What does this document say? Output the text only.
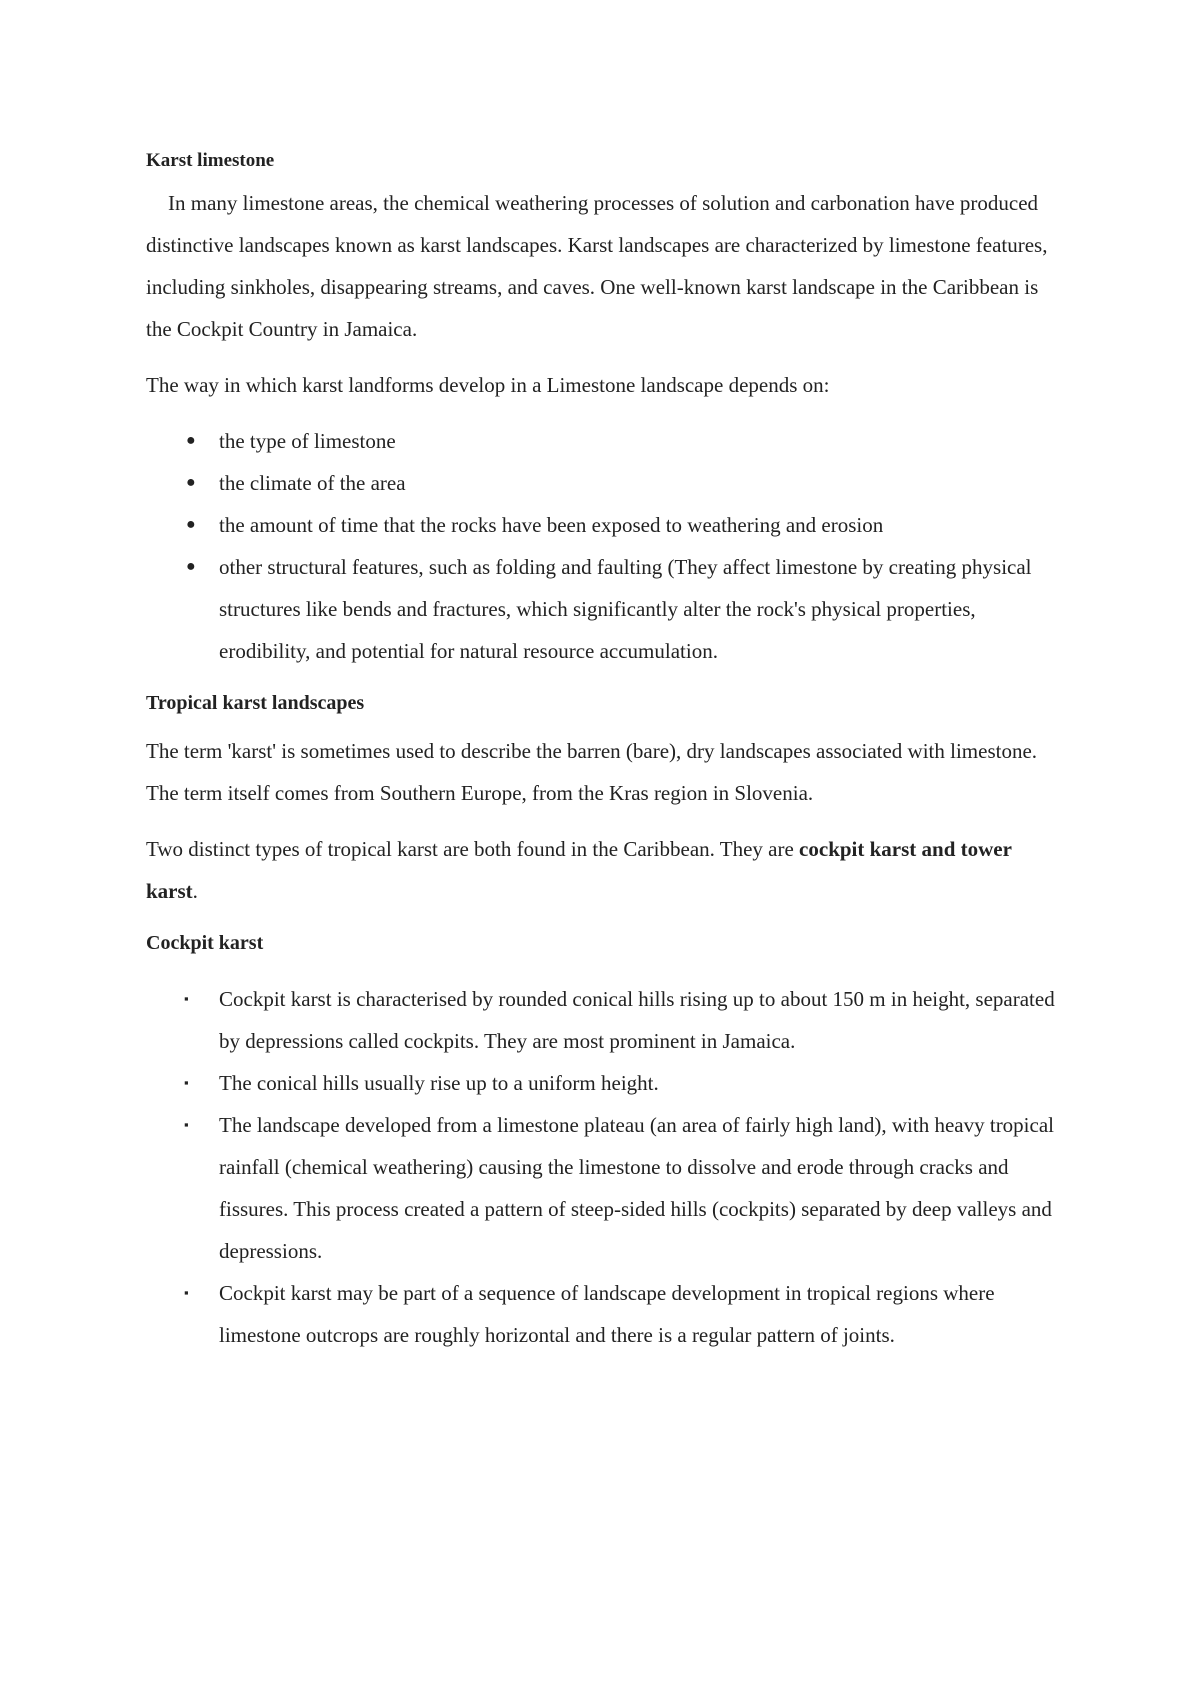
Karst limestone

In many limestone areas, the chemical weathering processes of solution and carbonation have produced distinctive landscapes known as karst landscapes. Karst landscapes are characterized by limestone features, including sinkholes, disappearing streams, and caves. One well-known karst landscape in the Caribbean is the Cockpit Country in Jamaica.

The way in which karst landforms develop in a Limestone landscape depends on:

● the type of limestone
● the climate of the area
● the amount of time that the rocks have been exposed to weathering and erosion
● other structural features, such as folding and faulting (They affect limestone by creating physical structures like bends and fractures, which significantly alter the rock's physical properties, erodibility, and potential for natural resource accumulation.

Tropical karst landscapes

The term 'karst' is sometimes used to describe the barren (bare), dry landscapes associated with limestone. The term itself comes from Southern Europe, from the Kras region in Slovenia.

Two distinct types of tropical karst are both found in the Caribbean. They are cockpit karst and tower karst.

Cockpit karst

▪ Cockpit karst is characterised by rounded conical hills rising up to about 150 m in height, separated by depressions called cockpits. They are most prominent in Jamaica.
▪ The conical hills usually rise up to a uniform height.
▪ The landscape developed from a limestone plateau (an area of fairly high land), with heavy tropical rainfall (chemical weathering) causing the limestone to dissolve and erode through cracks and fissures. This process created a pattern of steep-sided hills (cockpits) separated by deep valleys and depressions.
▪ Cockpit karst may be part of a sequence of landscape development in tropical regions where limestone outcrops are roughly horizontal and there is a regular pattern of joints.
